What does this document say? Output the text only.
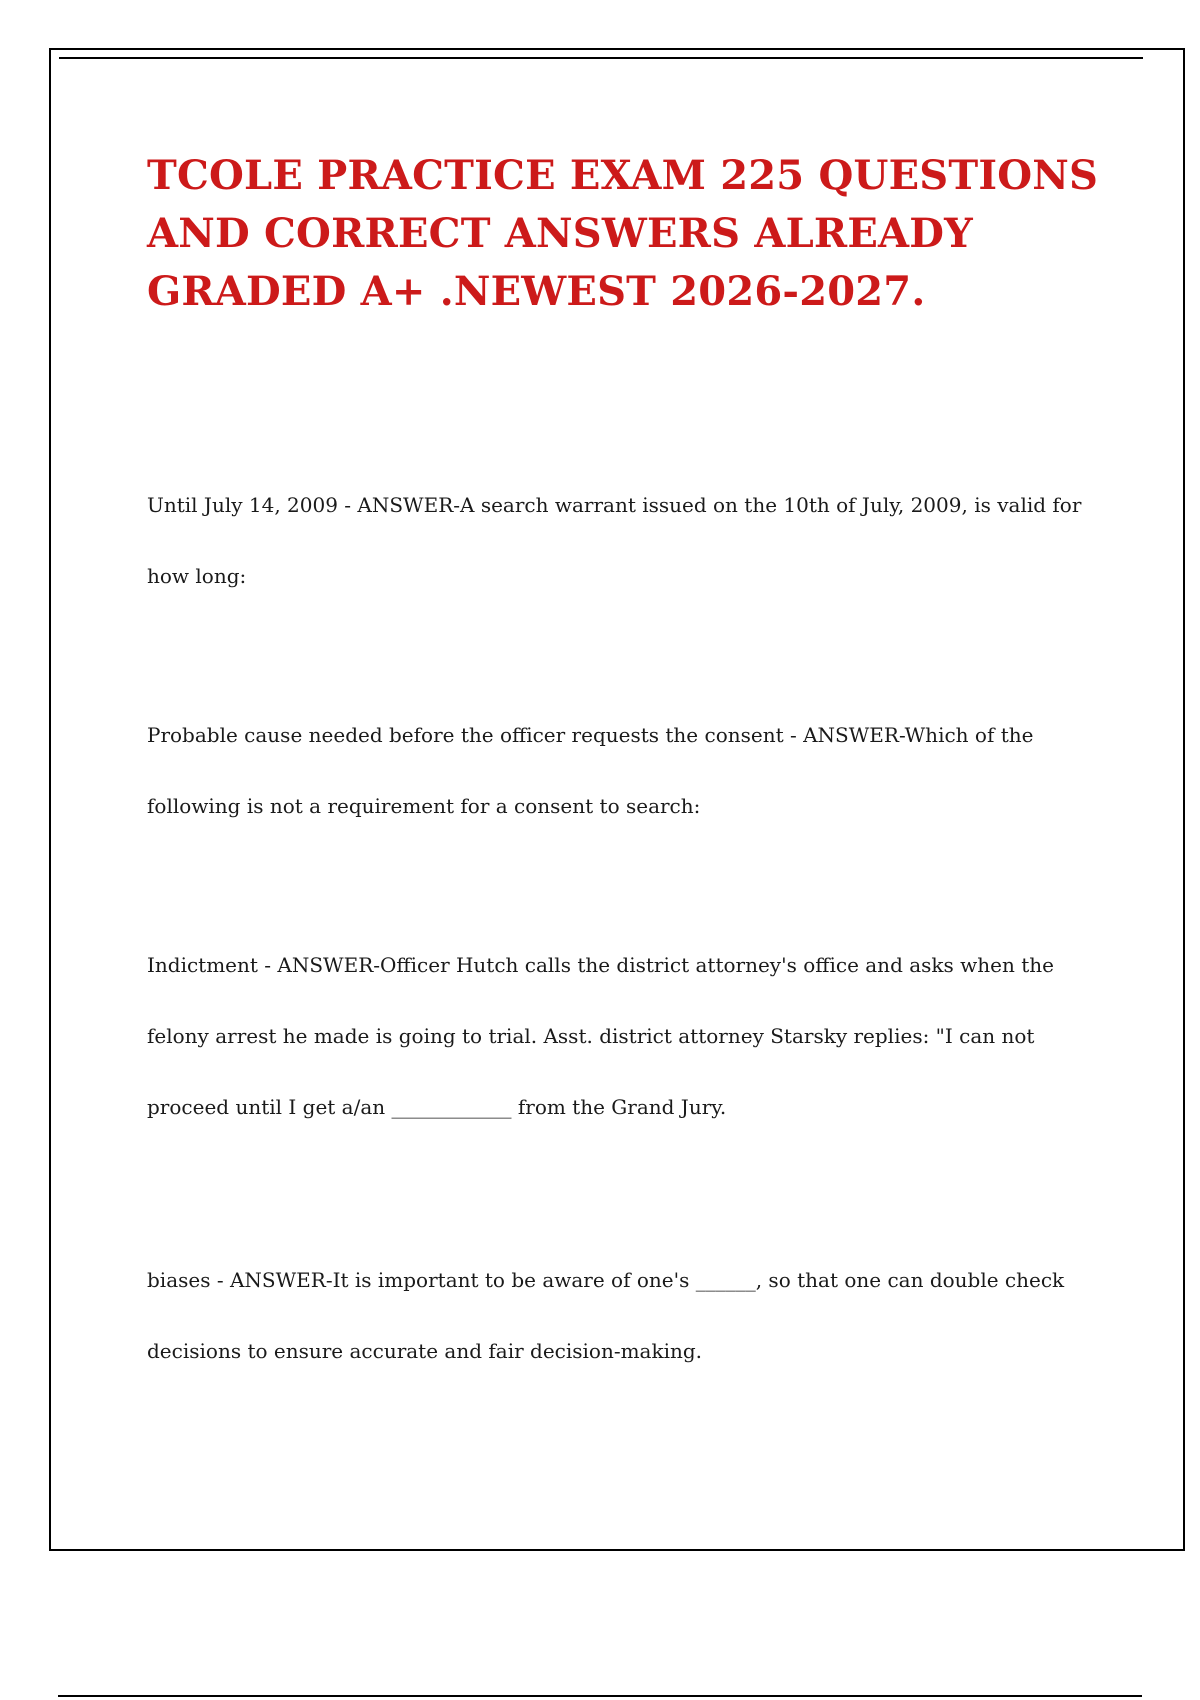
TCOLE PRACTICE EXAM 225 QUESTIONS AND CORRECT ANSWERS ALREADY GRADED A+ .NEWEST 2026-2027.

Until July 14, 2009 - ANSWER-A search warrant issued on the 10th of July, 2009, is valid for how long:

Probable cause needed before the officer requests the consent - ANSWER-Which of the following is not a requirement for a consent to search:

Indictment - ANSWER-Officer Hutch calls the district attorney's office and asks when the felony arrest he made is going to trial. Asst. district attorney Starsky replies: "I can not proceed until I get a/an ____________ from the Grand Jury.

biases - ANSWER-It is important to be aware of one's ______, so that one can double check decisions to ensure accurate and fair decision-making.
